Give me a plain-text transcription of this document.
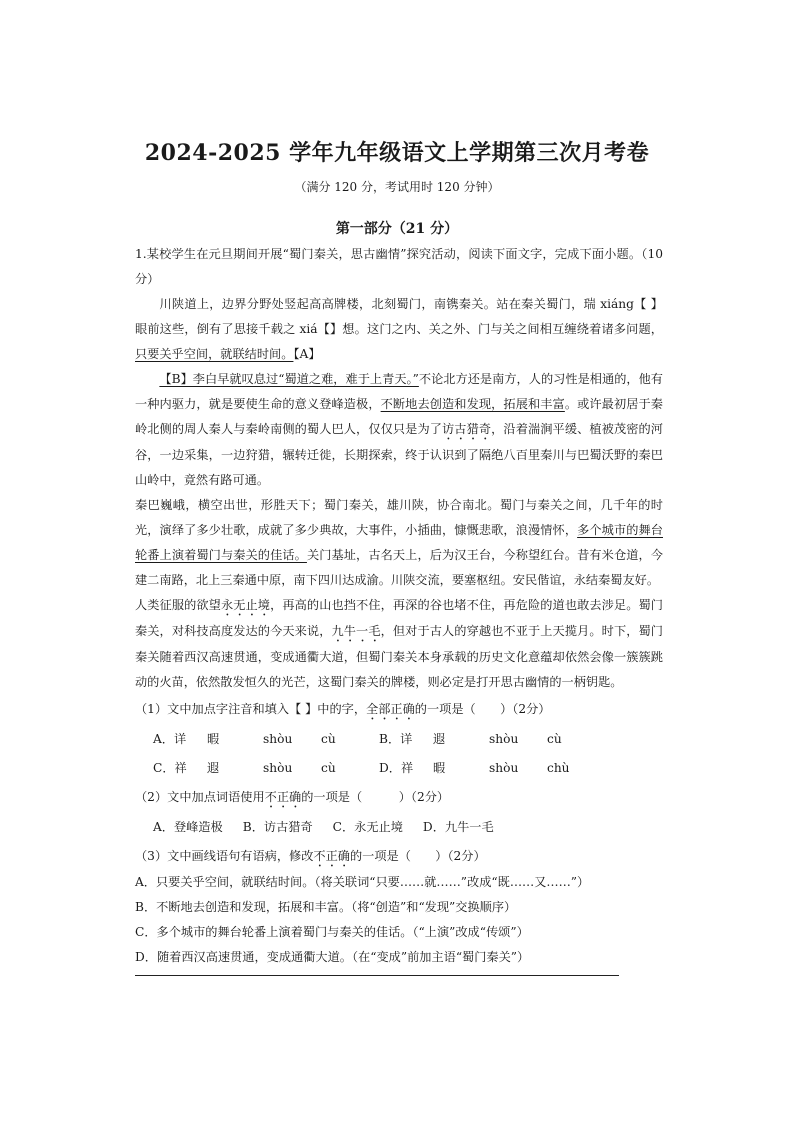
2024-2025 学年九年级语文上学期第三次月考卷
（满分 120 分，考试用时 120 分钟）
第一部分（21 分）

1.某校学生在元旦期间开展“蜀门秦关，思古幽情”探究活动，阅读下面文字，完成下面小题。（10分）

川陕道上，边界分野处竖起高高牌楼，北刻蜀门，南镌秦关。站在秦关蜀门，瑞 xiáng【 】眼前这些，倒有了思接千载之 xiá【】想。这门之内、关之外、门与关之间相互缠绕着诸多问题，只要关乎空间，就联结时间。【A】

【B】李白早就叹息过“蜀道之难，难于上青天。”不论北方还是南方，人的习性是相通的，他有一种内驱力，就是要使生命的意义登峰造极，不断地去创造和发现，拓展和丰富。或许最初居于秦岭北侧的周人秦人与秦岭南侧的蜀人巴人，仅仅只是为了访古猎奇，沿着湍涧平缓、植被茂密的河谷，一边采集，一边狩猎，辗转迁徙，长期探索，终于认识到了隔绝八百里秦川与巴蜀沃野的秦巴山岭中，竟然有路可通。

秦巴巍峨，横空出世，形胜天下；蜀门秦关，雄川陕，协合南北。蜀门与秦关之间，几千年的时光，演绎了多少壮歌，成就了多少典故，大事件，小插曲，慷慨悲歌，浪漫情怀，多个城市的舞台轮番上演着蜀门与秦关的佳话。关门基址，古名天上，后为汉王台，今称望红台。昔有米仓道，今建二南路，北上三秦通中原，南下四川达成渝。川陕交流，要塞枢纽。安民偕谊，永结秦蜀友好。

人类征服的欲望永无止境，再高的山也挡不住，再深的谷也堵不住，再危险的道也敢去涉足。蜀门秦关，对科技高度发达的今天来说，九牛一毛，但对于古人的穿越也不亚于上天揽月。时下，蜀门秦关随着西汉高速贯通，变成通衢大道，但蜀门秦关本身承载的历史文化意蕴却依然会像一簇簇跳动的火苗，依然散发恒久的光芒，这蜀门秦关的牌楼，则必定是打开思古幽情的一柄钥匙。

（1）文中加点字注音和填入【 】中的字，全部正确的一项是（　　）（2分）

A．详	暇	shòu	cù	B．详	遐	shòu	cù
C．祥	遐	shòu	cù	D．祥	暇	shòu	chù

（2）文中加点词语使用不正确的一项是（　　　）（2分）

A．登峰造极 B．访古猎奇 C．永无止境 D．九牛一毛

（3）文中画线语句有语病，修改不正确的一项是（　　）（2分）

A．只要关乎空间，就联结时间。（将关联词“只要……就……”改成“既……又……”）

B．不断地去创造和发现，拓展和丰富。（将“创造”和“发现”交换顺序）

C．多个城市的舞台轮番上演着蜀门与秦关的佳话。（“上演”改成“传颂”）

D．随着西汉高速贯通，变成通衢大道。（在“变成”前加主语“蜀门秦关”）
